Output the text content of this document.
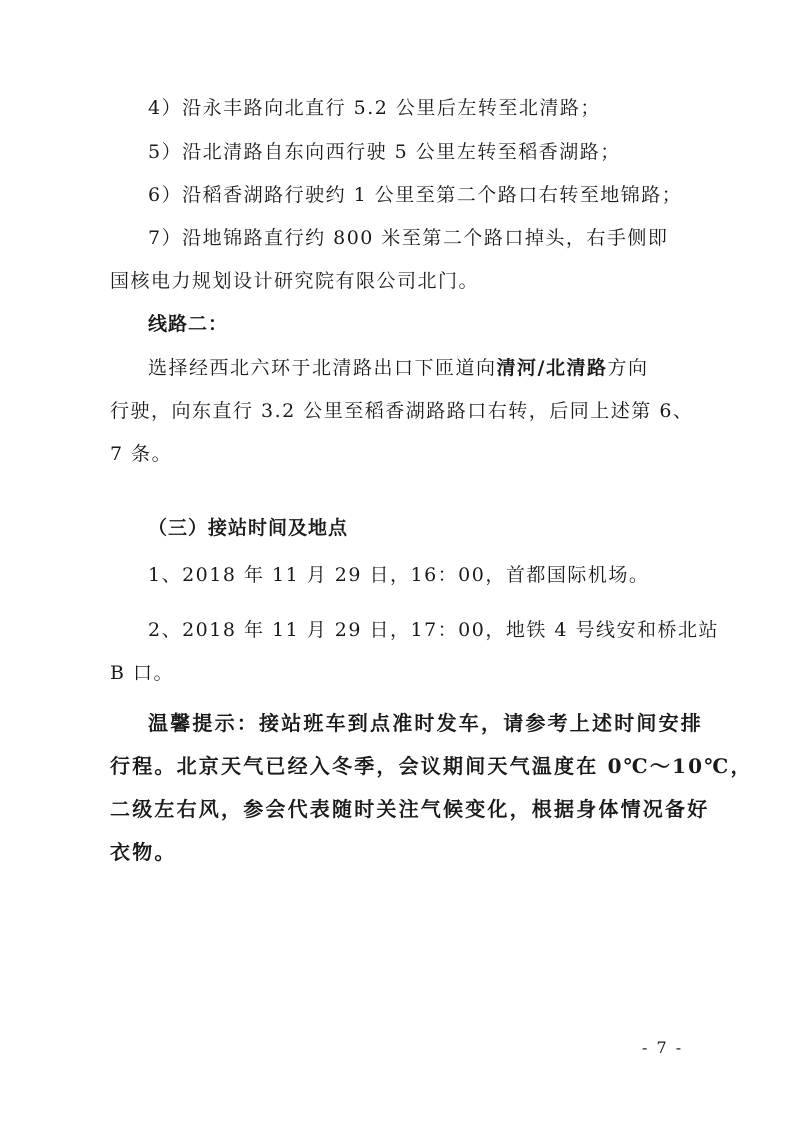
4）沿永丰路向北直行 5.2 公里后左转至北清路；
5）沿北清路自东向西行驶 5 公里左转至稻香湖路；
6）沿稻香湖路行驶约 1 公里至第二个路口右转至地锦路；
7）沿地锦路直行约 800 米至第二个路口掉头，右手侧即
国核电力规划设计研究院有限公司北门。
线路二：
选择经西北六环于北清路出口下匝道向清河/北清路方向
行驶，向东直行 3.2 公里至稻香湖路路口右转，后同上述第 6、
7 条。
（三）接站时间及地点
1、2018 年 11 月 29 日，16：00，首都国际机场。
2、2018 年 11 月 29 日，17：00，地铁 4 号线安和桥北站
B 口。
温馨提示：接站班车到点准时发车，请参考上述时间安排
行程。北京天气已经入冬季，会议期间天气温度在 0℃～10℃，
二级左右风，参会代表随时关注气候变化，根据身体情况备好
衣物。
- 7 -
